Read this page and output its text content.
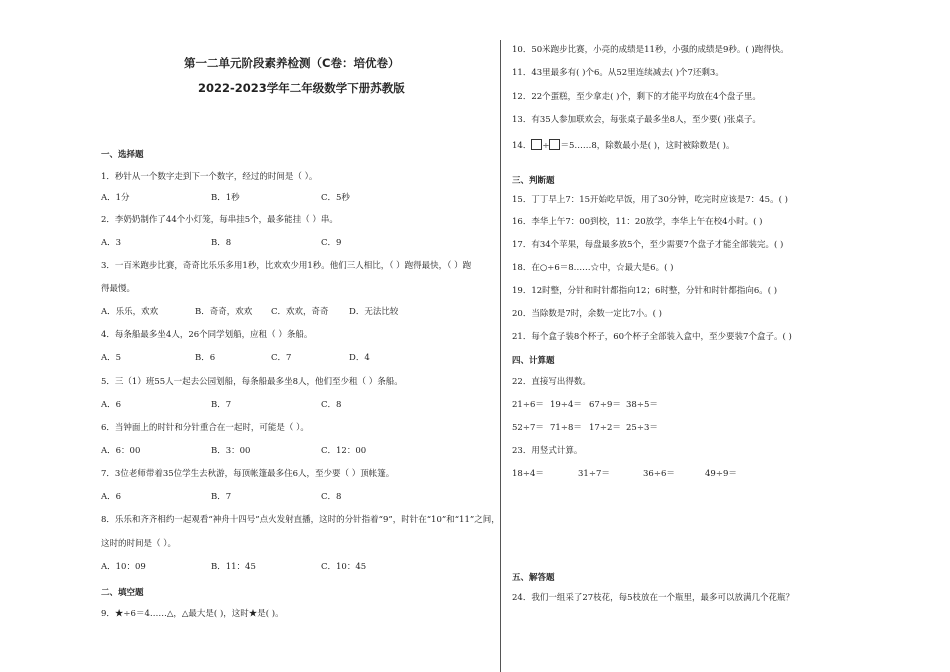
第一二单元阶段素养检测（C卷：培优卷）
2022-2023学年二年级数学下册苏教版
一、选择题
1．秒针从一个数字走到下一个数字，经过的时间是（ ）。
A．1分	B．1秒	C．5秒
2．李奶奶制作了44个小灯笼，每串挂5个，最多能挂（ ）串。
A．3	B．8	C．9
3．一百米跑步比赛，奇奇比乐乐多用1秒，比欢欢少用1秒。他们三人相比，（ ）跑得最快，（ ）跑
得最慢。
A．乐乐，欢欢	B．奇奇，欢欢 C．欢欢，奇奇 D．无法比较
4．每条船最多坐4人，26个同学划船，应租（ ）条船。
A．5	B．6	C．7	D．4
5．三（1）班55人一起去公园划船，每条船最多坐8人，他们至少租（ ）条船。
A．6	B．7	C．8
6．当钟面上的时针和分针重合在一起时，可能是（ ）。
A．6：00	B．3：00	C．12：00
7．3位老师带着35位学生去秋游，每顶帐篷最多住6人，至少要（ ）顶帐篷。
A．6	B．7	C．8
8．乐乐和齐齐相约一起观看“神舟十四号”点火发射直播，这时的分针指着“9”，时针在“10”和“11”之间，
这时的时间是（ ）。
A．10：09	B．11：45	C．10：45
二、填空题
9．★÷6＝4……△，△最大是( )，这时★是( )。
10．50米跑步比赛，小亮的成绩是11秒，小强的成绩是9秒。( )跑得快。
11．43里最多有( )个6。从52里连续减去( )个7还剩3。
12．22个蛋糕，至少拿走( )个，剩下的才能平均放在4个盘子里。
13．有35人参加联欢会，每张桌子最多坐8人，至少要( )张桌子。
14． ÷ ＝5……8，除数最小是( )，这时被除数是( )。
三、判断题
15．丁丁早上7：15开始吃早饭，用了30分钟，吃完时应该是7：45。( )
16．李华上午7：00到校，11：20放学，李华上午在校4小时。( )
17．有34个苹果，每盘最多放5个，至少需要7个盘子才能全部装完。( )
18．在○÷6＝8……☆中，☆最大是6。( )
19．12时整，分针和时针都指向12；6时整，分针和时针都指向6。( )
20．当除数是7时，余数一定比7小。( )
21．每个盒子装8个杯子，60个杯子全部装入盒中，至少要装7个盒子。( )
四、计算题
22．直接写出得数。
21÷6＝ 19÷4＝ 67÷9＝ 38÷5＝
52÷7＝ 71÷8＝ 17÷2＝ 25÷3＝
23．用竖式计算。
18÷4＝	31÷7＝	36÷6＝	49÷9＝
五、解答题
24．我们一组采了27枝花，每5枝放在一个瓶里，最多可以放满几个花瓶？
